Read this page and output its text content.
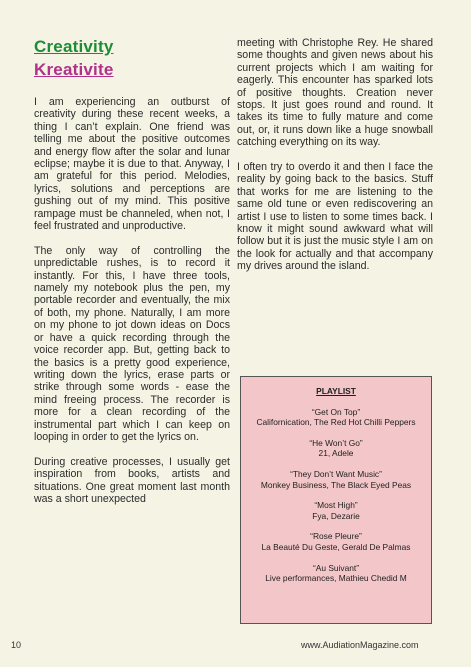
Creativity
Kreativite

I am experiencing an outburst of creativity during these recent weeks, a thing I can’t explain. One friend was telling me about the positive outcomes and energy flow after the solar and lunar eclipse; maybe it is due to that. Anyway, I am grateful for this period. Melodies, lyrics, solutions and perceptions are gushing out of my mind. This positive rampage must be channeled, when not, I feel frustrated and unproductive.

The only way of controlling the unpredictable rushes, is to record it instantly. For this, I have three tools, namely my notebook plus the pen, my portable recorder and eventually, the mix of both, my phone. Naturally, I am more on my phone to jot down ideas on Docs or have a quick recording through the voice recorder app. But, getting back to the basics is a pretty good experience, writing down the lyrics, erase parts or strike through some words - ease the mind freeing process. The recorder is more for a clean recording of the instrumental part which I can keep on looping in order to get the lyrics on.

During creative processes, I usually get inspiration from books, artists and situations. One great moment last month was a short unexpected

meeting with Christophe Rey. He shared some thoughts and given news about his current projects which I am waiting for eagerly. This encounter has sparked lots of positive thoughts. Creation never stops. It just goes round and round. It takes its time to fully mature and come out, or, it runs down like a huge snowball catching everything on its way.

I often try to overdo it and then I face the reality by going back to the basics. Stuff that works for me are listening to the same old tune or even rediscovering an artist I use to listen to some times back. I know it might sound awkward what will follow but it is just the music style I am on the look for actually and that accompany my drives around the island.

PLAYLIST
“Get On Top”
Californication, The Red Hot Chilli Peppers
“He Won’t Go”
21, Adele
“They Don’t Want Music”
Monkey Business, The Black Eyed Peas
“Most High”
Fya, Dezarie
“Rose Pleure”
La Beauté Du Geste, Gerald De Palmas
“Au Suivant”
Live performances, Mathieu Chedid M
10	www.AudiationMagazine.com
